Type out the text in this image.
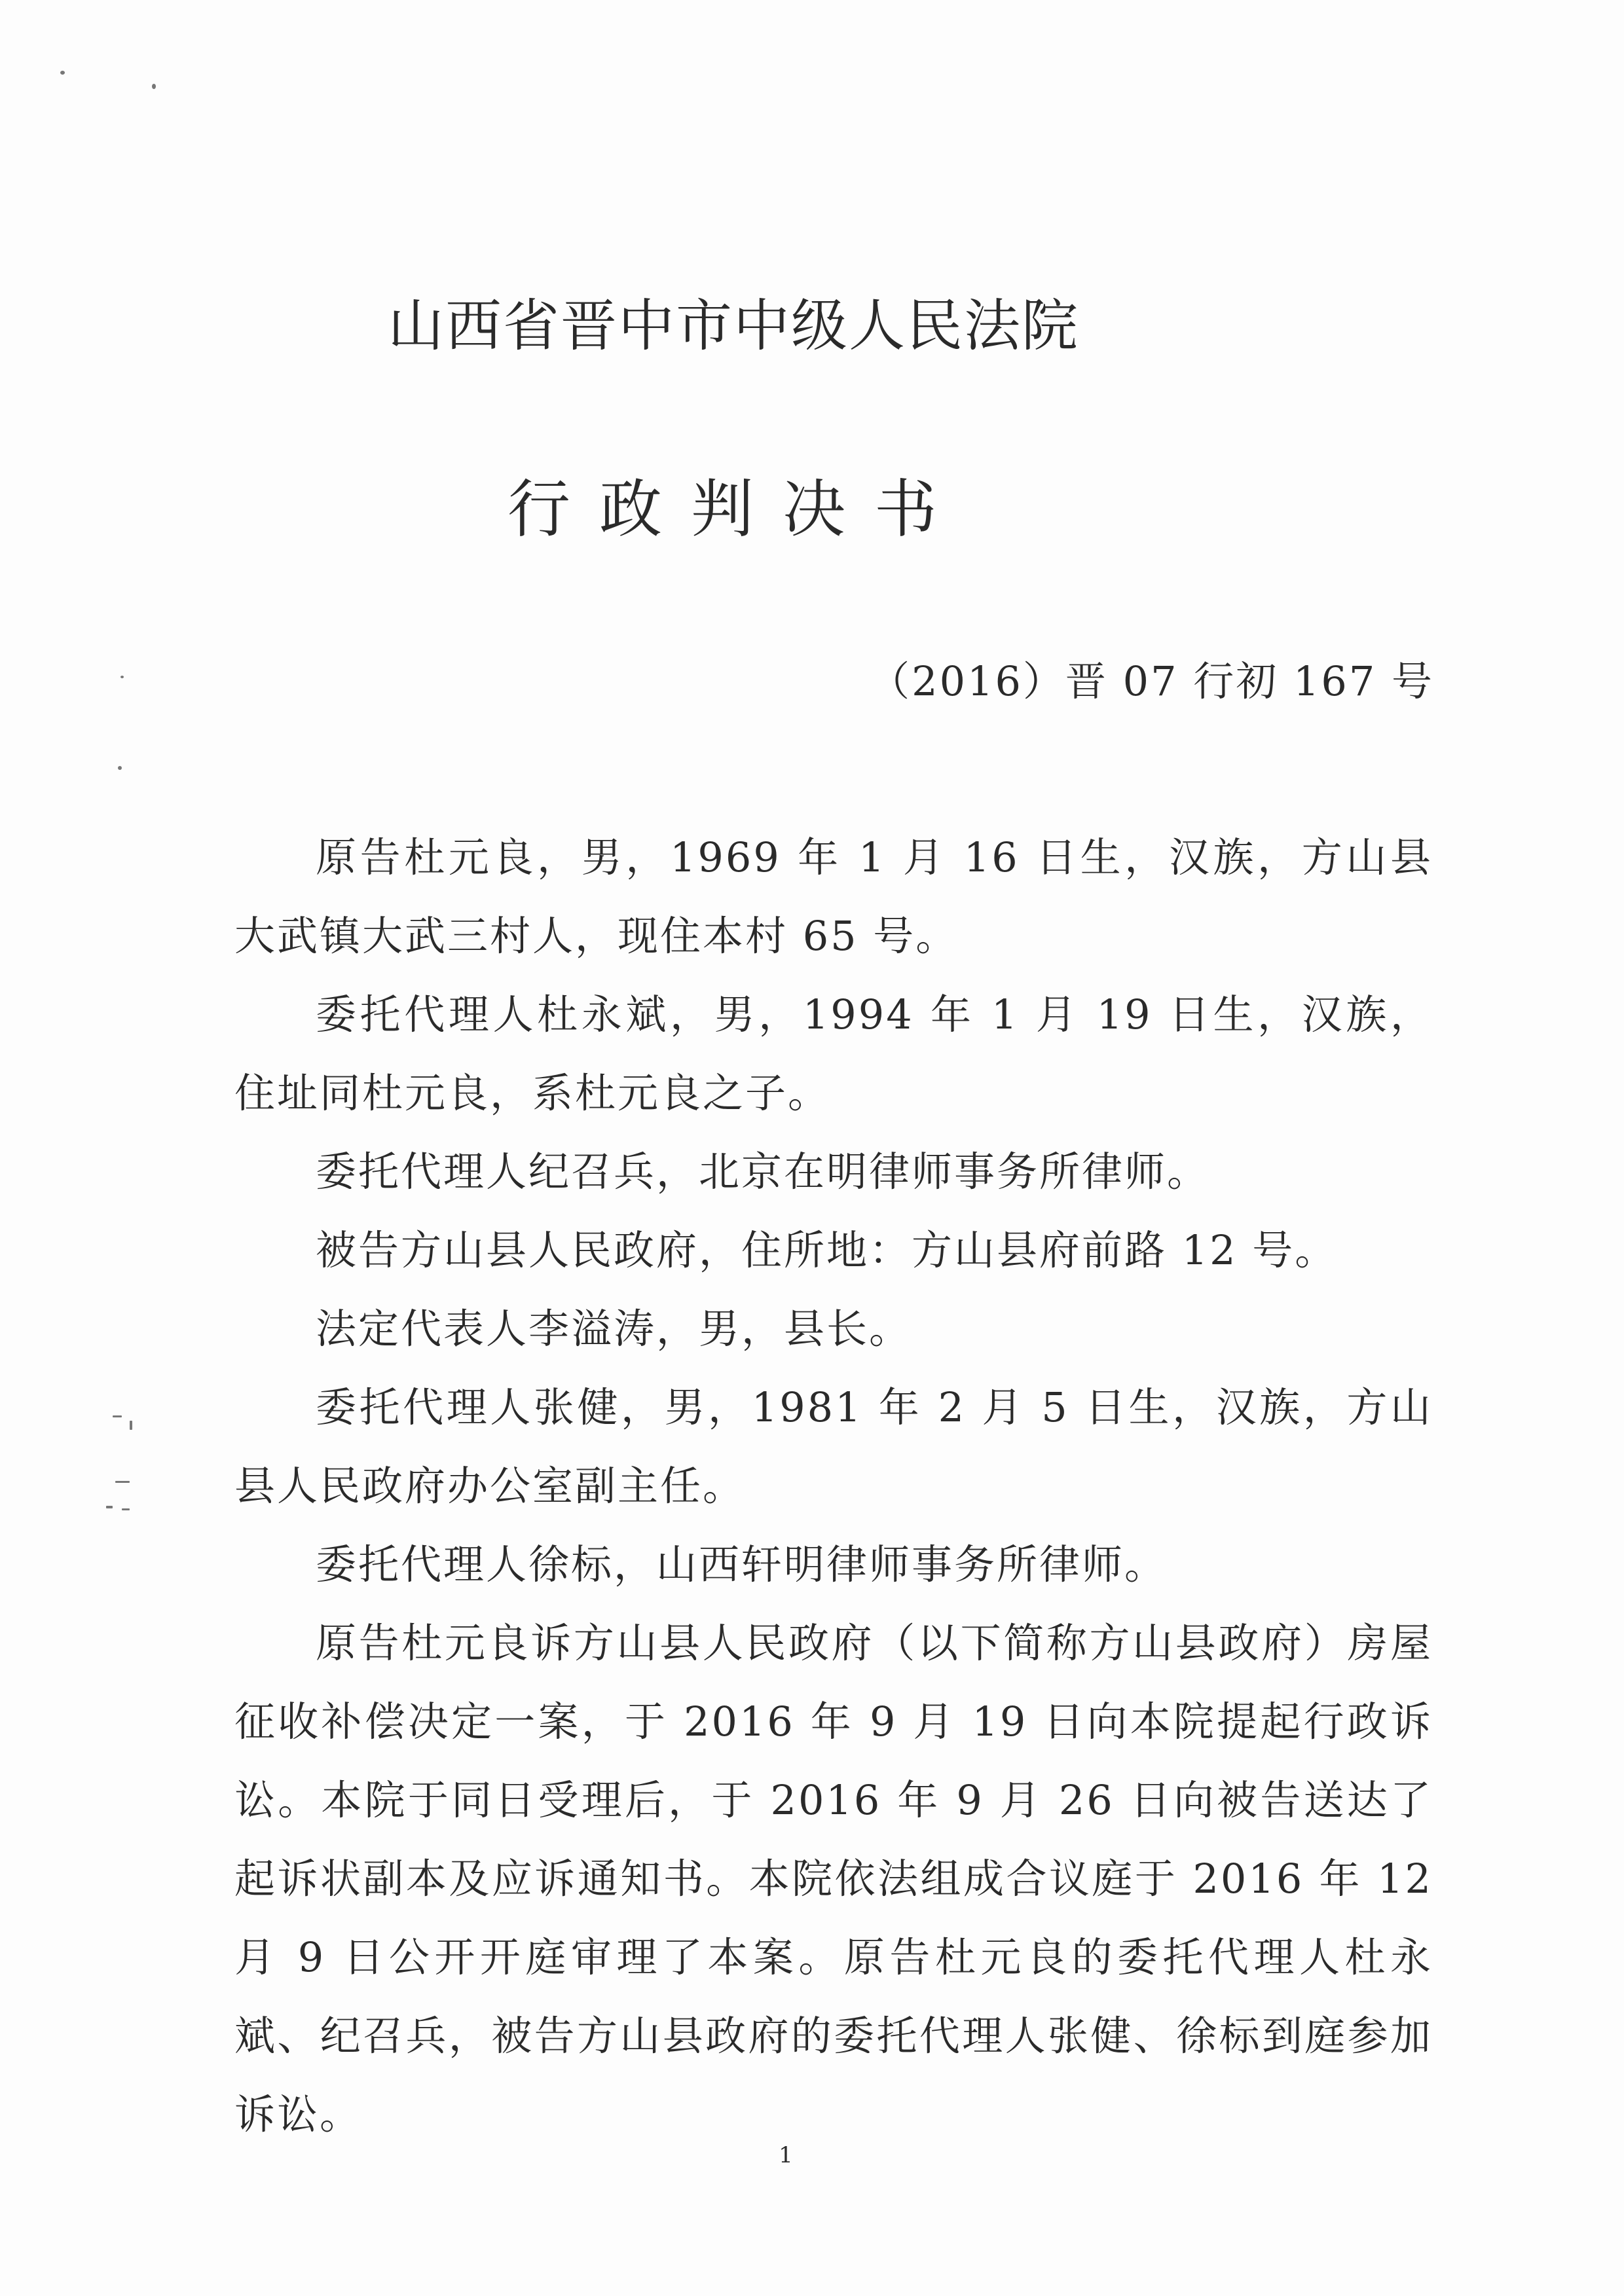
山西省晋中市中级人民法院
行政判决书
（2016）晋 07 行初 167 号

原告杜元良，男，1969 年 1 月 16 日生，汉族，方山县大武镇大武三村人，现住本村 65 号。

委托代理人杜永斌，男，1994 年 1 月 19 日生，汉族，住址同杜元良，系杜元良之子。

委托代理人纪召兵，北京在明律师事务所律师。

被告方山县人民政府，住所地：方山县府前路 12 号。

法定代表人李溢涛，男，县长。

委托代理人张健，男，1981 年 2 月 5 日生，汉族，方山县人民政府办公室副主任。

委托代理人徐标，山西轩明律师事务所律师。

原告杜元良诉方山县人民政府（以下简称方山县政府）房屋征收补偿决定一案，于 2016 年 9 月 19 日向本院提起行政诉讼。本院于同日受理后，于 2016 年 9 月 26 日向被告送达了起诉状副本及应诉通知书。本院依法组成合议庭于 2016 年 12 月 9 日公开开庭审理了本案。原告杜元良的委托代理人杜永斌、纪召兵，被告方山县政府的委托代理人张健、徐标到庭参加诉讼。

1
